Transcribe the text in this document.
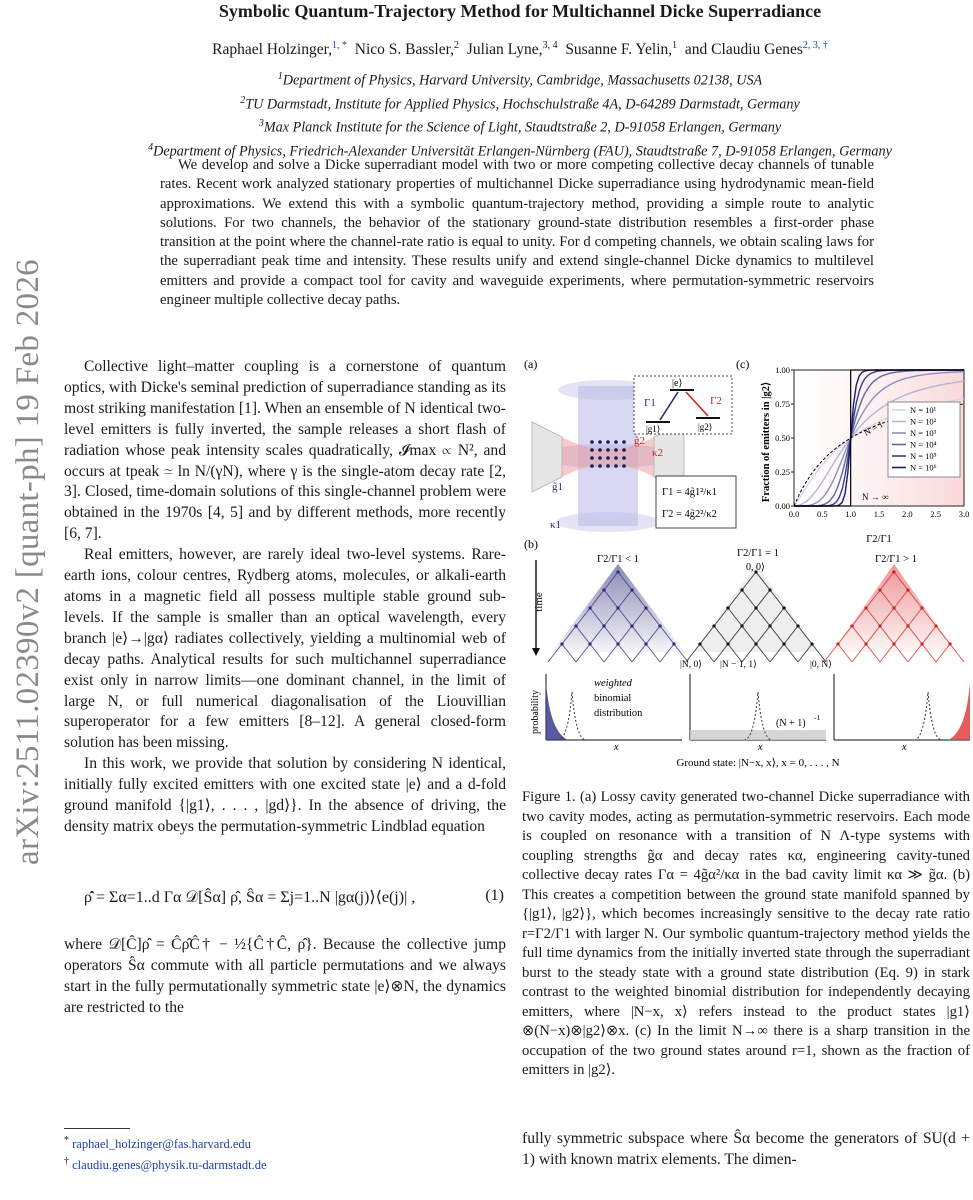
arXiv:2511.02390v2 [quant-ph] 19 Feb 2026
Symbolic Quantum-Trajectory Method for Multichannel Dicke Superradiance
Raphael Holzinger,$^{1, *}$ Nico S. Bassler,$^2$ Julian Lyne,$^{3, 4}$ Susanne F. Yelin,$^1$ and Claudiu Genes$^{2, 3, \dagger}$
$^1$Department of Physics, Harvard University, Cambridge, Massachusetts 02138, USA
$^2$TU Darmstadt, Institute for Applied Physics, Hochschulstraße 4A, D-64289 Darmstadt, Germany
$^3$Max Planck Institute for the Science of Light, Staudtstraße 2, D-91058 Erlangen, Germany
$^4$Department of Physics, Friedrich-Alexander Universität Erlangen-Nürnberg (FAU), Staudtstraße 7, D-91058 Erlangen, Germany

We develop and solve a Dicke superradiant model with two or more competing collective decay channels of tunable rates. Recent work analyzed stationary properties of multichannel Dicke superradiance using hydrodynamic mean-field approximations. We extend this with a symbolic quantum-trajectory method, providing a simple route to analytic solutions. For two channels, the behavior of the stationary ground-state distribution resembles a first-order phase transition at the point where the channel-rate ratio is equal to unity. For d competing channels, we obtain scaling laws for the superradiant peak time and intensity. These results unify and extend single-channel Dicke dynamics to multilevel emitters and provide a compact tool for cavity and waveguide experiments, where permutation-symmetric reservoirs engineer multiple collective decay paths.

Collective light–matter coupling is a cornerstone of quantum optics, with Dicke's seminal prediction of superradiance standing as its most striking manifestation [1]. When an ensemble of N identical two-level emitters is fully inverted, the sample releases a short flash of radiation whose peak intensity scales quadratically, 𝓘max ∝ N², and occurs at tpeak ≃ ln N/(γN), where γ is the single-atom decay rate [2, 3]. Closed, time-domain solutions of this single-channel problem were obtained in the 1970s [4, 5] and by different methods, more recently [6, 7].

Real emitters, however, are rarely ideal two-level systems. Rare-earth ions, colour centres, Rydberg atoms, molecules, or alkali-earth atoms in a magnetic field all possess multiple stable ground sub-levels. If the sample is smaller than an optical wavelength, every branch |e⟩→|gα⟩ radiates collectively, yielding a multinomial web of decay paths. Analytical results for such multichannel superradiance exist only in narrow limits—one dominant channel, in the limit of large N, or full numerical diagonalisation of the Liouvillian superoperator for a few emitters [8–12]. A general closed-form solution has been missing.

In this work, we provide that solution by considering N identical, initially fully excited emitters with one excited state |e⟩ and a d-fold ground manifold {|g1⟩, . . . , |gd⟩}. In the absence of driving, the density matrix obeys the permutation-symmetric Lindblad equation

ρ̇̂ = Σα=1..d Γα 𝒟[Ŝα] ρ̂, Ŝα = Σj=1..N |gα(j)⟩⟨e(j)| ,	(1)

where 𝒟[Ĉ]ρ̂ = Ĉρ̂Ĉ† − ½{Ĉ†Ĉ, ρ̂}. Because the collective jump operators Ŝα commute with all particle permutations and we always start in the fully permutationally symmetric state |e⟩⊗N, the dynamics are restricted to the

* raphael_holzinger@fas.harvard.edu
† claudiu.genes@physik.tu-darmstadt.de
(a)
g̃2
κ2
g̃1
κ1
|e⟩
|g1⟩	|g2⟩
Γ1	Γ2
Γ1 = 4g̃1²/κ1
Γ2 = 4g̃2²/κ2
(c)
0.00
0.25
0.50
0.75
1.00
0.0 0.5 1.0 1.5 2.0 2.5 3.0
N = 10¹
N = 10²
N = 10³
N = 10⁴
N = 10⁵
N = 10⁶
Fraction of emitters in |g2⟩
Γ2/Γ1
N → ∞
N = 1
(b)
time
Γ2/Γ1 < 1
Γ2/Γ1 = 1
0, 0⟩
Γ2/Γ1 > 1
|N, 0⟩ |N − 1, 1⟩	|0, N⟩
probability
weighted
binomial
distribution
(N + 1)
-1
x	x	x
Ground state: |N−x, x⟩, x = 0, . . . , N

Figure 1. (a) Lossy cavity generated two-channel Dicke superradiance with two cavity modes, acting as permutation-symmetric reservoirs. Each mode is coupled on resonance with a transition of N Λ-type systems with coupling strengths g̃α and decay rates κα, engineering cavity-tuned collective decay rates Γα = 4g̃α²/κα in the bad cavity limit κα ≫ g̃α. (b) This creates a competition between the ground state manifold spanned by {|g1⟩, |g2⟩}, which becomes increasingly sensitive to the decay rate ratio r=Γ2/Γ1 with larger N. Our symbolic quantum-trajectory method yields the full time dynamics from the initially inverted state through the superradiant burst to the steady state with a ground state distribution (Eq. 9) in stark contrast to the weighted binomial distribution for independently decaying emitters, where |N−x, x⟩ refers instead to the product states |g1⟩⊗(N−x)⊗|g2⟩⊗x. (c) In the limit N→∞ there is a sharp transition in the occupation of the two ground states around r=1, shown as the fraction of emitters in |g2⟩.

fully symmetric subspace where Ŝα become the generators of SU(d + 1) with known matrix elements. The dimen-
